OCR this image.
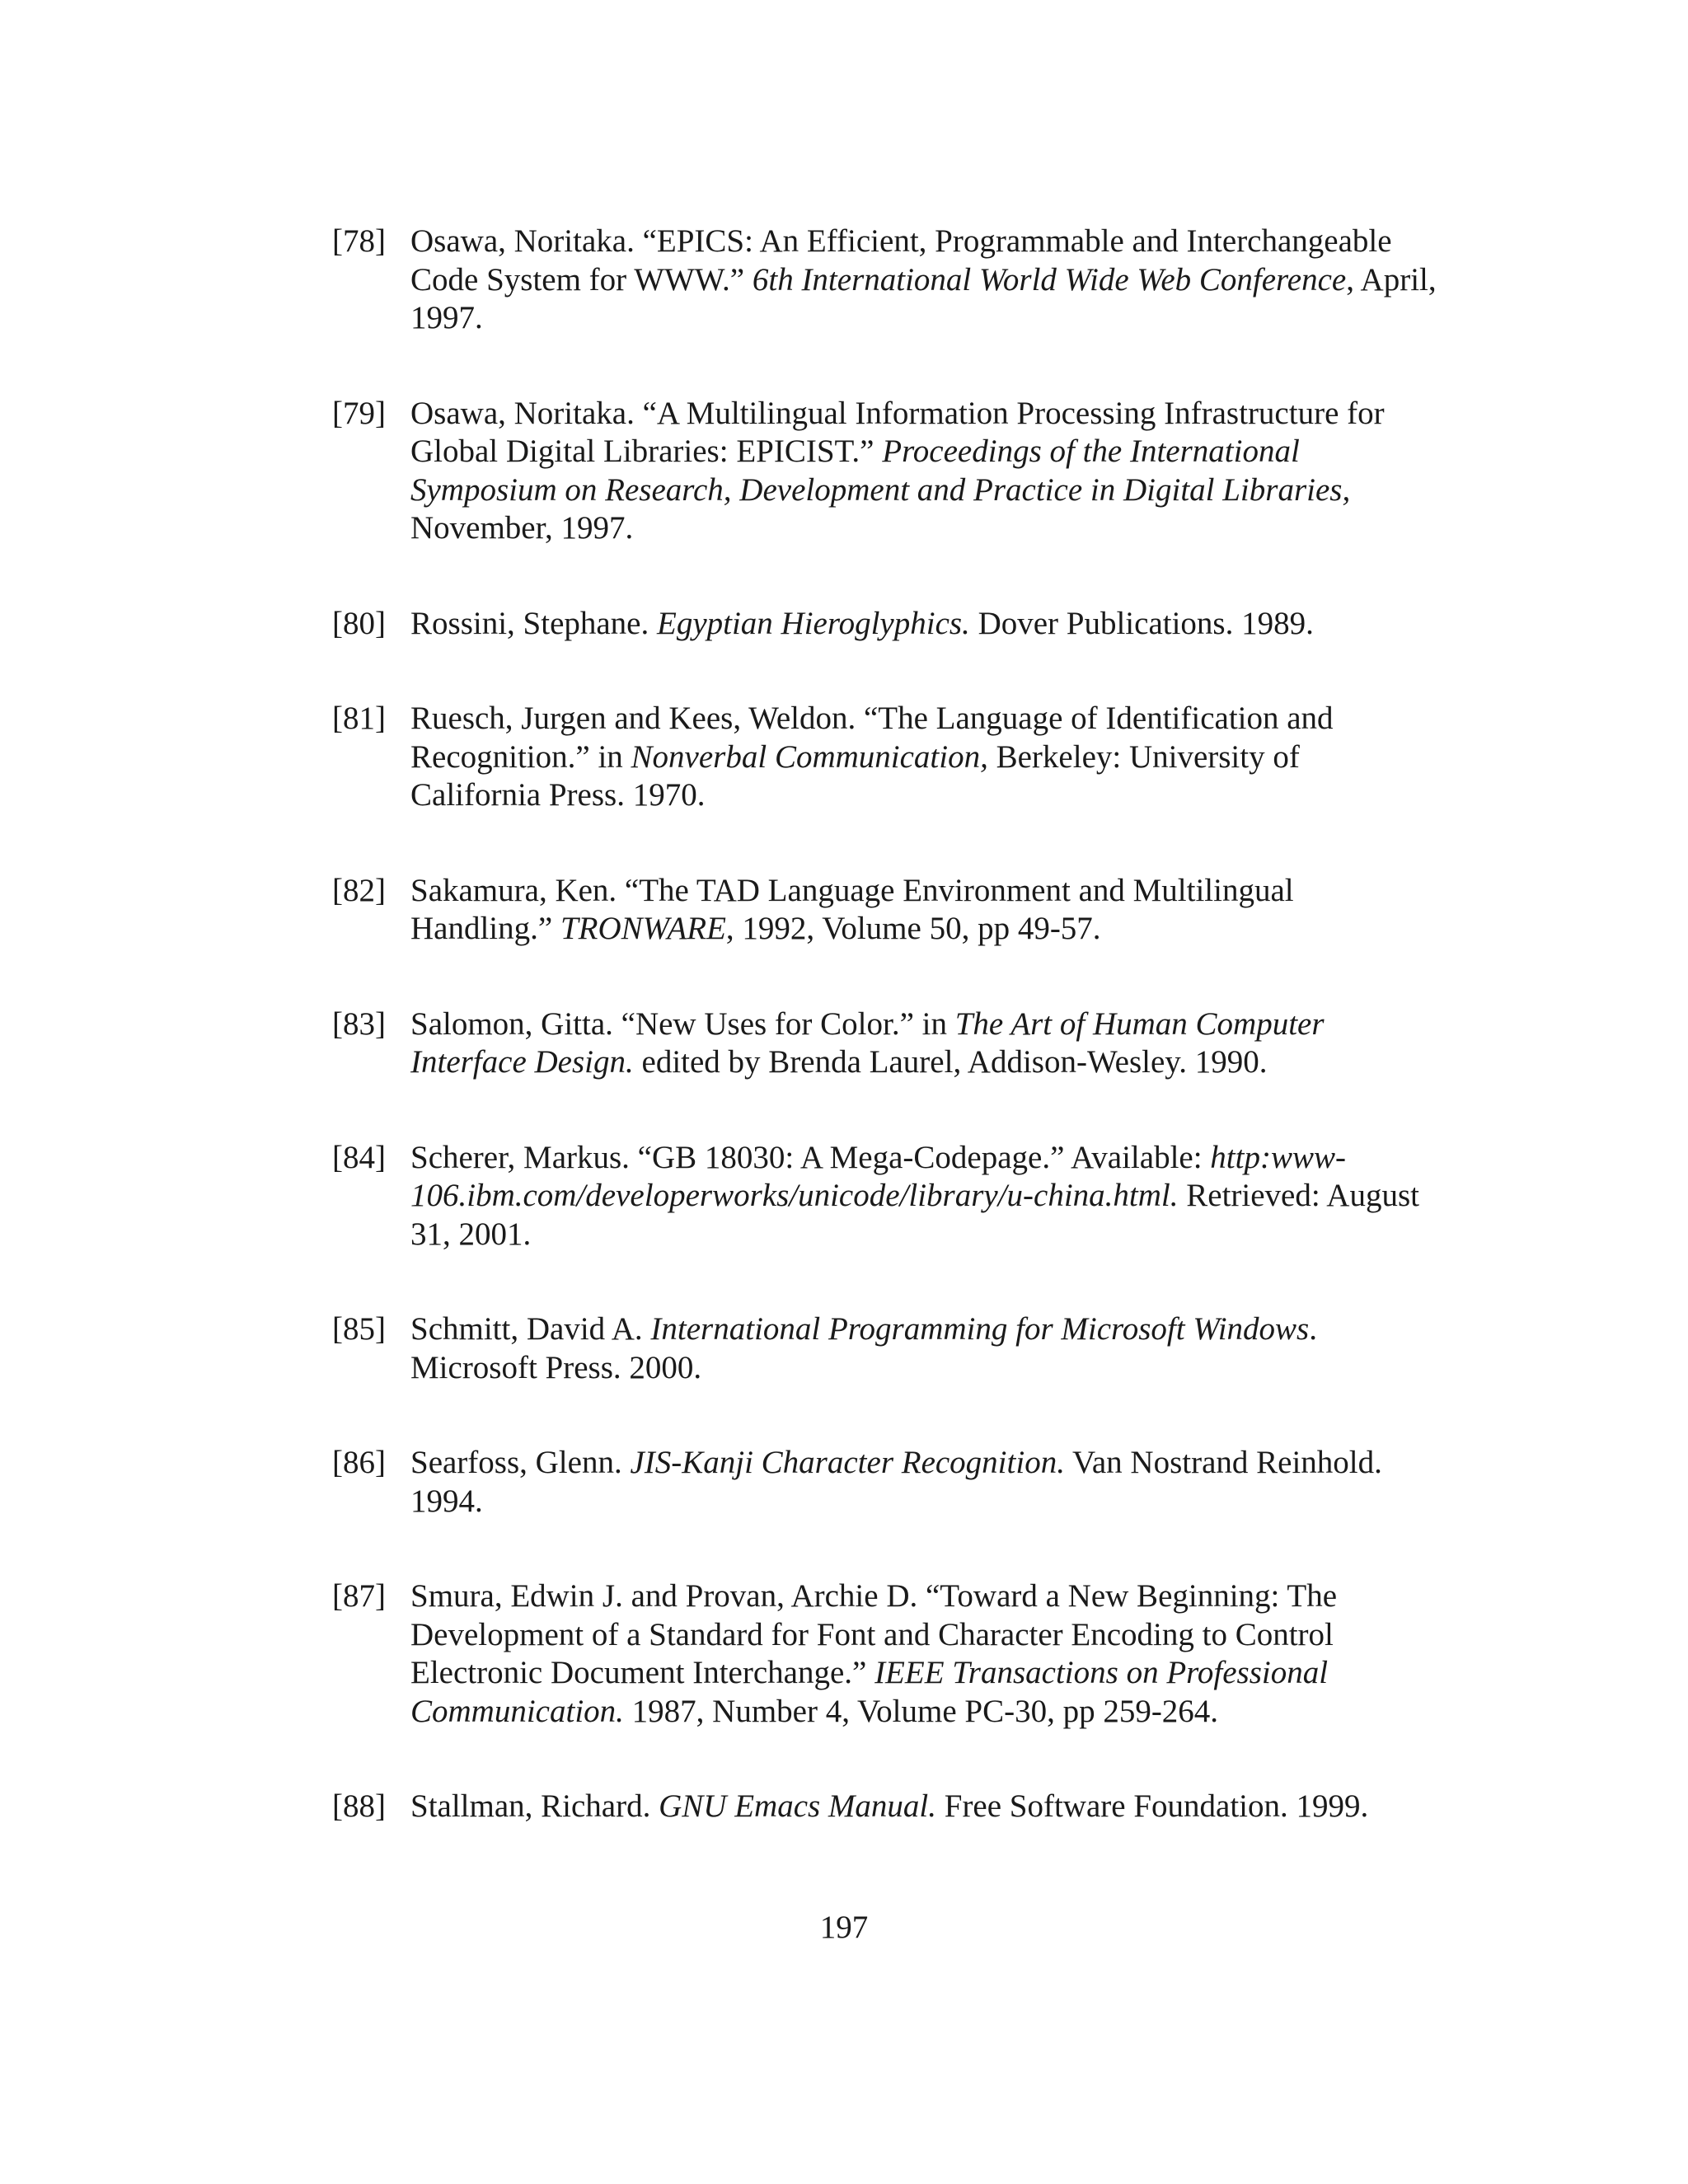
[78] Osawa, Noritaka. “EPICS: An Efficient, Programmable and Interchangeable Code System for WWW.” 6th International World Wide Web Conference, April, 1997.
[79] Osawa, Noritaka. “A Multilingual Information Processing Infrastructure for Global Digital Libraries: EPICIST.” Proceedings of the International Symposium on Research, Development and Practice in Digital Libraries, November, 1997.
[80] Rossini, Stephane. Egyptian Hieroglyphics. Dover Publications. 1989.
[81] Ruesch, Jurgen and Kees, Weldon. “The Language of Identification and Recognition.” in Nonverbal Communication, Berkeley: University of California Press. 1970.
[82] Sakamura, Ken. “The TAD Language Environment and Multilingual Handling.” TRONWARE, 1992, Volume 50, pp 49-57.
[83] Salomon, Gitta. “New Uses for Color.” in The Art of Human Computer Interface Design. edited by Brenda Laurel, Addison-Wesley. 1990.
[84] Scherer, Markus. “GB 18030: A Mega-Codepage.” Available: http:www-106.ibm.com/developerworks/unicode/library/u-china.html. Retrieved: August 31, 2001.
[85] Schmitt, David A. International Programming for Microsoft Windows. Microsoft Press. 2000.
[86] Searfoss, Glenn. JIS-Kanji Character Recognition. Van Nostrand Reinhold. 1994.
[87] Smura, Edwin J. and Provan, Archie D. “Toward a New Beginning: The Development of a Standard for Font and Character Encoding to Control Electronic Document Interchange.” IEEE Transactions on Professional Communication. 1987, Number 4, Volume PC-30, pp 259-264.
[88] Stallman, Richard. GNU Emacs Manual. Free Software Foundation. 1999.
197
